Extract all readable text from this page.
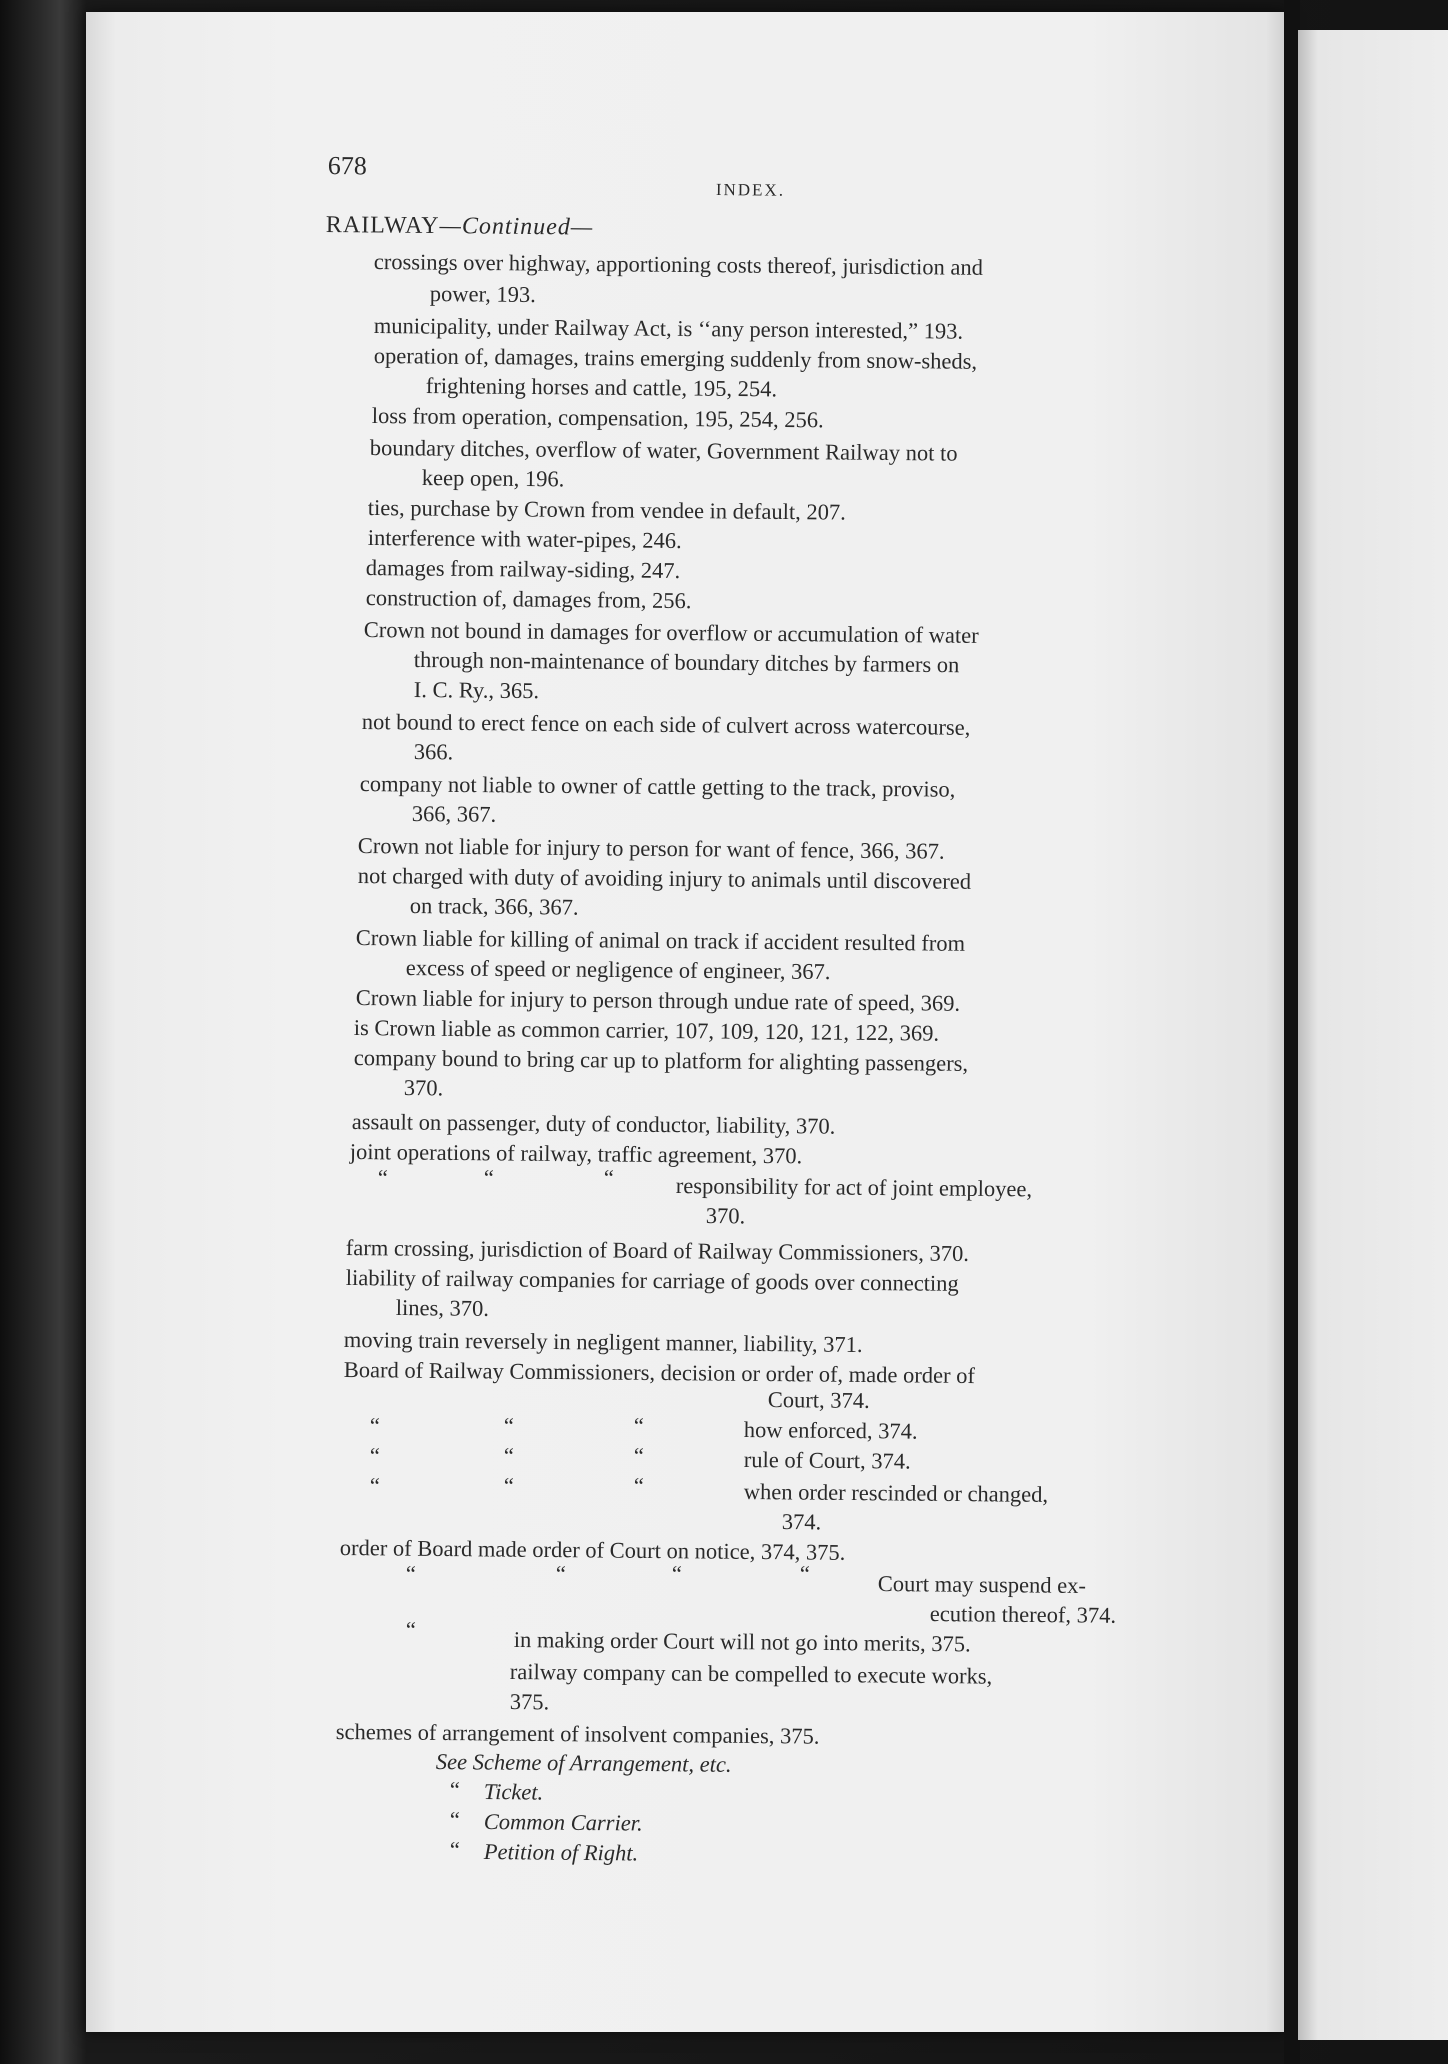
678
INDEX.
RAILWAY—Continued—
crossings over highway, apportioning costs thereof, jurisdiction and
power, 193.
municipality, under Railway Act, is ‘‘any person interested,” 193.
operation of, damages, trains emerging suddenly from snow-sheds,
frightening horses and cattle, 195, 254.
loss from operation, compensation, 195, 254, 256.
boundary ditches, overflow of water, Government Railway not to
keep open, 196.
ties, purchase by Crown from vendee in default, 207.
interference with water-pipes, 246.
damages from railway-siding, 247.
construction of, damages from, 256.
Crown not bound in damages for overflow or accumulation of water
through non-maintenance of boundary ditches by farmers on
I. C. Ry., 365.
not bound to erect fence on each side of culvert across watercourse,
366.
company not liable to owner of cattle getting to the track, proviso,
366, 367.
Crown not liable for injury to person for want of fence, 366, 367.
not charged with duty of avoiding injury to animals until discovered
on track, 366, 367.
Crown liable for killing of animal on track if accident resulted from
excess of speed or negligence of engineer, 367.
Crown liable for injury to person through undue rate of speed, 369.
is Crown liable as common carrier, 107, 109, 120, 121, 122, 369.
company bound to bring car up to platform for alighting passengers,
370.
assault on passenger, duty of conductor, liability, 370.
joint operations of railway, traffic agreement, 370.
“	“	“	responsibility for act of joint employee,
370.
farm crossing, jurisdiction of Board of Railway Commissioners, 370.
liability of railway companies for carriage of goods over connecting
lines, 370.
moving train reversely in negligent manner, liability, 371.
Board of Railway Commissioners, decision or order of, made order of
Court, 374.
“	“	“	how enforced, 374.
“	“	“	rule of Court, 374.
“	“	“	when order rescinded or changed,
374.
order of Board made order of Court on notice, 374, 375.
“	“	“	“	Court may suspend ex-
ecution thereof, 374.
“	in making order Court will not go into merits, 375.
railway company can be compelled to execute works,
375.
schemes of arrangement of insolvent companies, 375.
See Scheme of Arrangement, etc.
“ Ticket.
“ Common Carrier.
“ Petition of Right.
